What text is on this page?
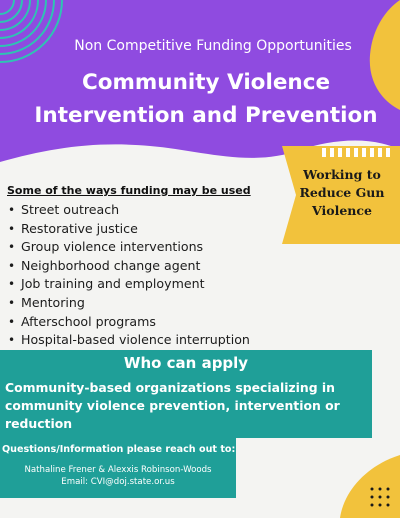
Non Competitive Funding Opportunities
Community Violence
Intervention and Prevention
Working to
Reduce Gun
Violence
Some of the ways funding may be used
• Street outreach
• Restorative justice
• Group violence interventions
• Neighborhood change agent
• Job training and employment
• Mentoring
• Afterschool programs
• Hospital-based violence interruption
Who can apply
Community-based organizations specializing in community violence prevention, intervention or reduction
Questions/Information please reach out to:
Nathaline Frener & Alexxis Robinson-Woods
Email: CVI@doj.state.or.us
